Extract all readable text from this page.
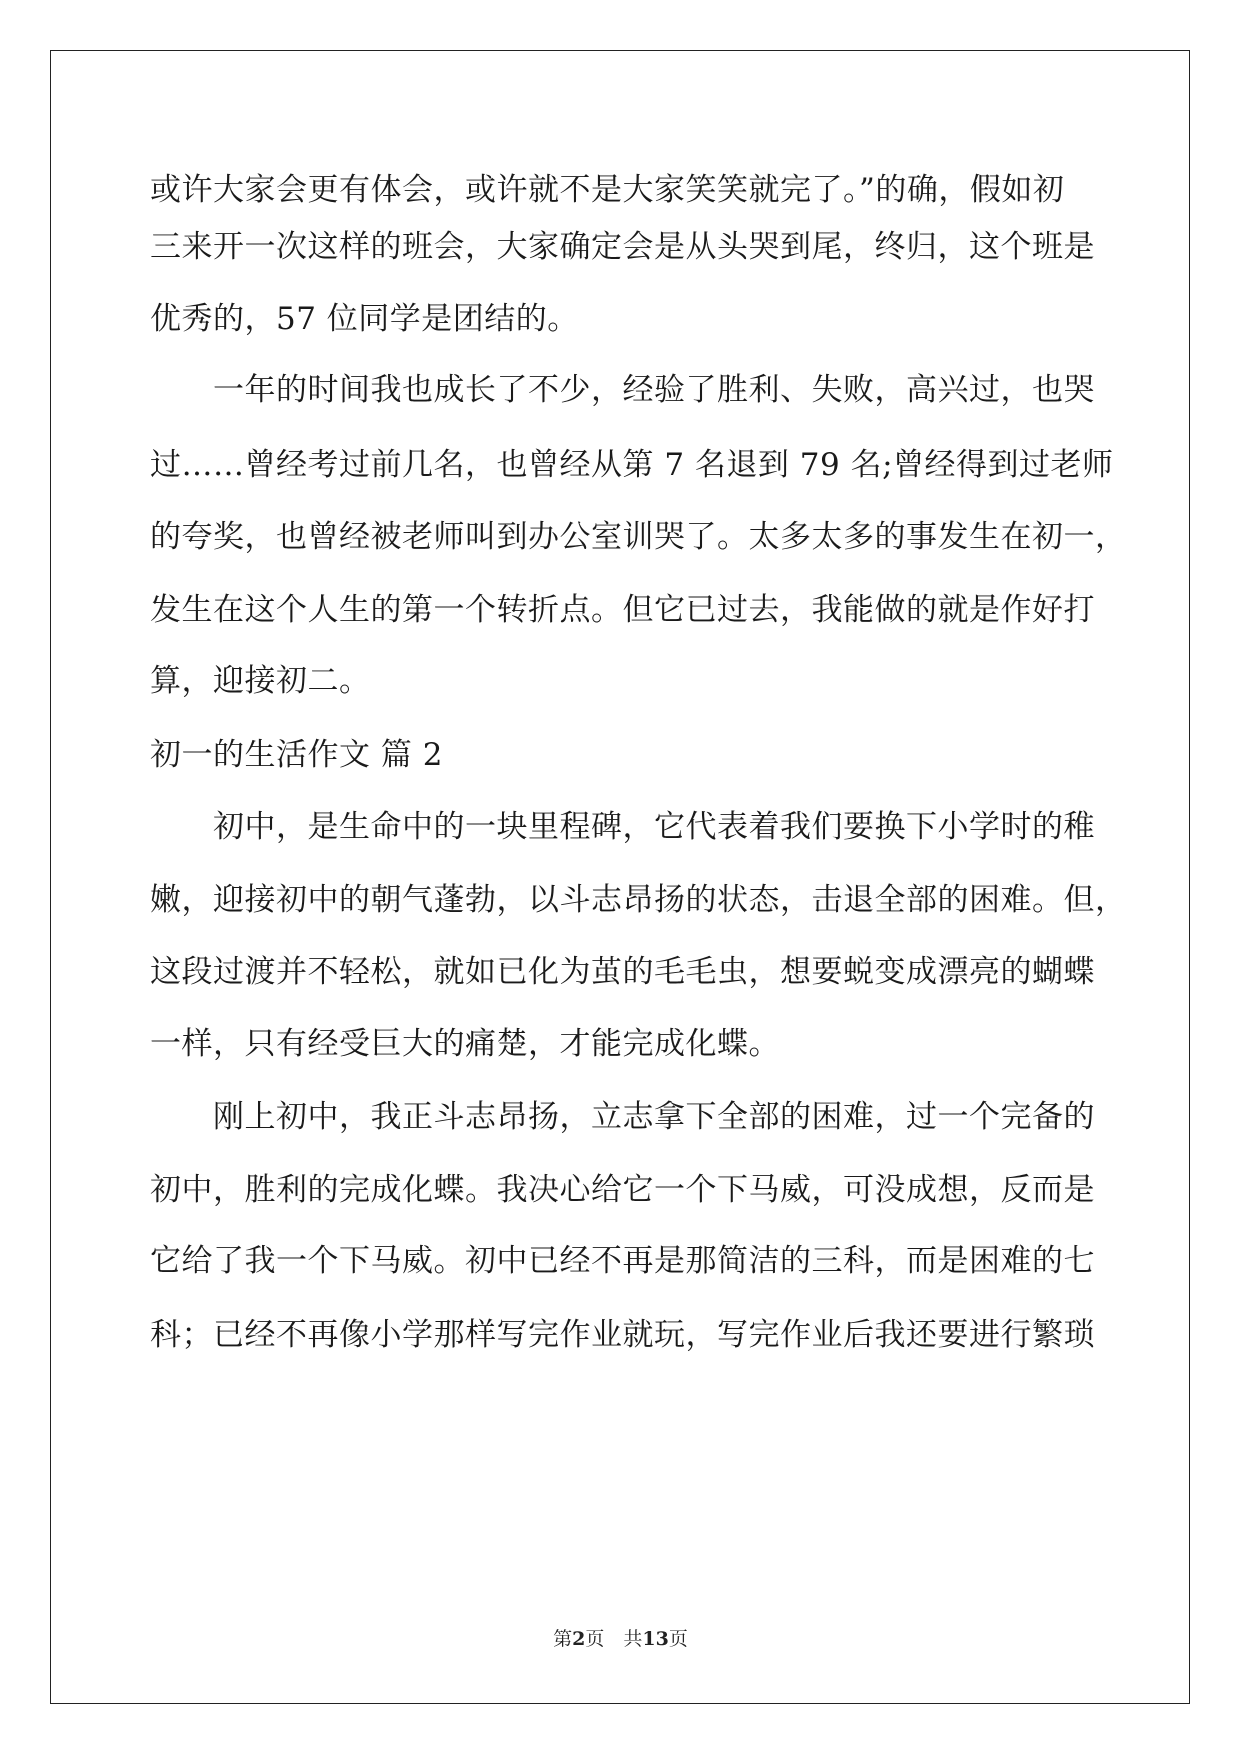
或许大家会更有体会，或许就不是大家笑笑就完了。”的确，假如初
三来开一次这样的班会，大家确定会是从头哭到尾，终归，这个班是
优秀的，57 位同学是团结的。
　　一年的时间我也成长了不少，经验了胜利、失败，高兴过，也哭
过……曾经考过前几名，也曾经从第 7 名退到 79 名;曾经得到过老师
的夸奖，也曾经被老师叫到办公室训哭了。太多太多的事发生在初一，
发生在这个人生的第一个转折点。但它已过去，我能做的就是作好打
算，迎接初二。
初一的生活作文 篇 2
　　初中，是生命中的一块里程碑，它代表着我们要换下小学时的稚
嫩，迎接初中的朝气蓬勃，以斗志昂扬的状态，击退全部的困难。但，
这段过渡并不轻松，就如已化为茧的毛毛虫，想要蜕变成漂亮的蝴蝶
一样，只有经受巨大的痛楚，才能完成化蝶。
　　刚上初中，我正斗志昂扬，立志拿下全部的困难，过一个完备的
初中，胜利的完成化蝶。我决心给它一个下马威，可没成想，反而是
它给了我一个下马威。初中已经不再是那简洁的三科，而是困难的七
科；已经不再像小学那样写完作业就玩，写完作业后我还要进行繁琐
第2页　共13页
